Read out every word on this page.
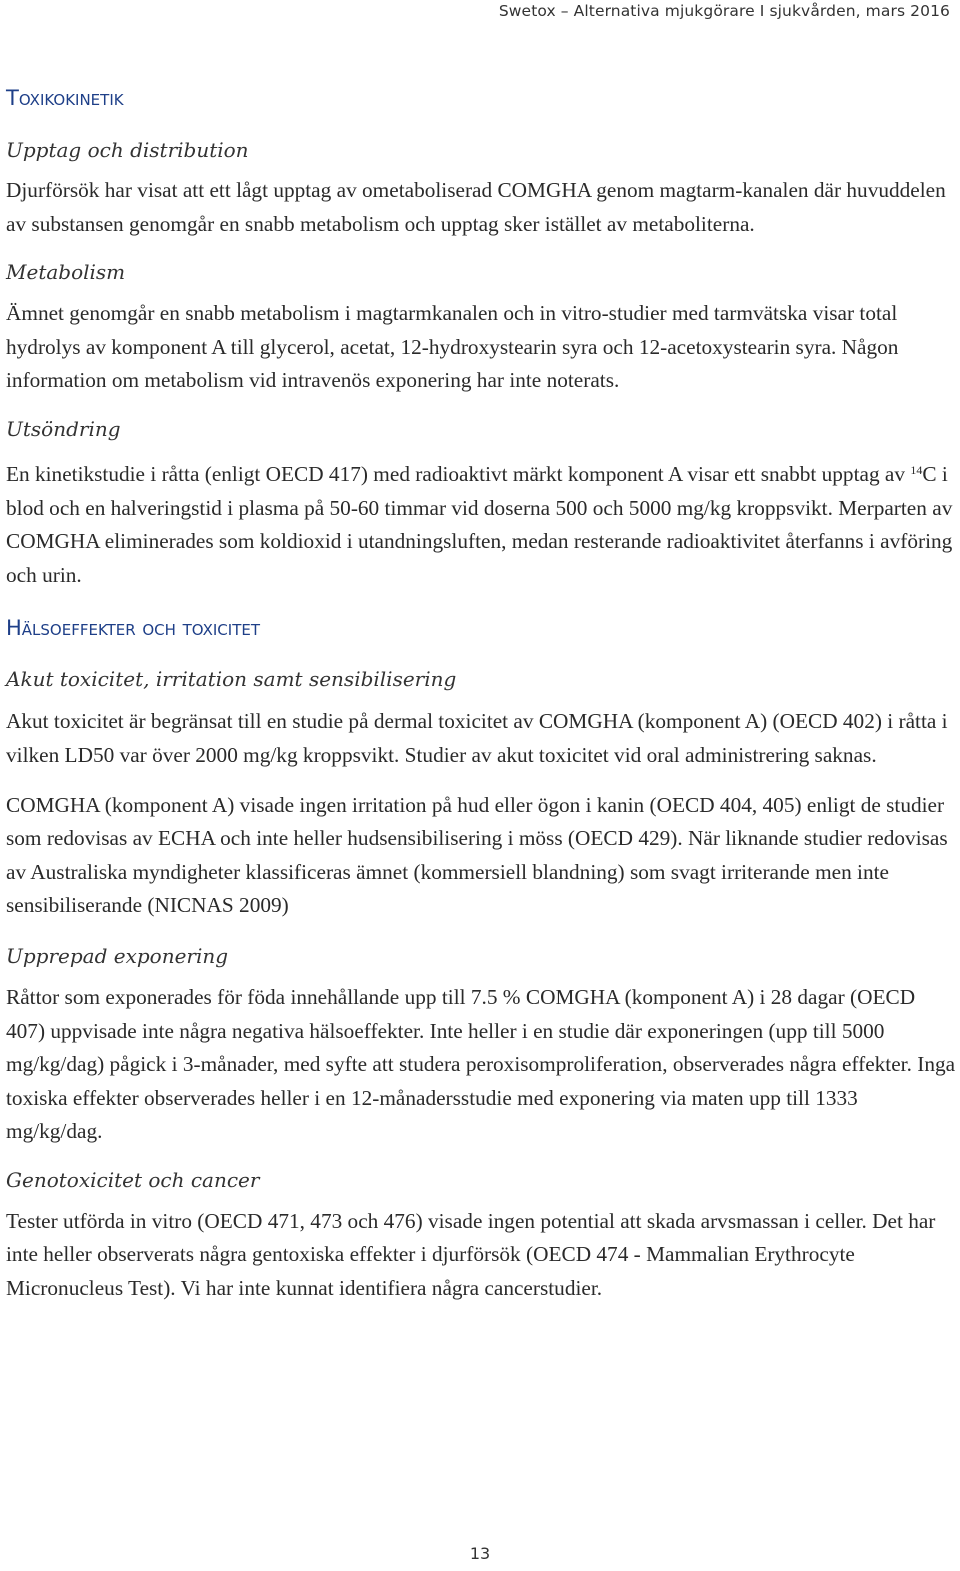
Swetox – Alternativa mjukgörare I sjukvården, mars 2016
Toxikokinetik
Upptag och distribution

Djurförsök har visat att ett lågt upptag av ometaboliserad COMGHA genom magtarm-kanalen där huvuddelen av substansen genomgår en snabb metabolism och upptag sker istället av metaboliterna.

Metabolism

Ämnet genomgår en snabb metabolism i magtarmkanalen och in vitro-studier med tarmvätska visar total hydrolys av komponent A till glycerol, acetat, 12-hydroxystearin syra och 12-acetoxystearin syra. Någon information om metabolism vid intravenös exponering har inte noterats.

Utsöndring

En kinetikstudie i råtta (enligt OECD 417) med radioaktivt märkt komponent A visar ett snabbt upptag av $^{14}$C i blod och en halveringstid i plasma på 50-60 timmar vid doserna 500 och 5000 mg/kg kroppsvikt. Merparten av COMGHA eliminerades som koldioxid i utandningsluften, medan resterande radioaktivitet återfanns i avföring och urin.

Hälsoeffekter och toxicitet
Akut toxicitet, irritation samt sensibilisering

Akut toxicitet är begränsat till en studie på dermal toxicitet av COMGHA (komponent A) (OECD 402) i råtta i vilken LD50 var över 2000 mg/kg kroppsvikt. Studier av akut toxicitet vid oral administrering saknas.

COMGHA (komponent A) visade ingen irritation på hud eller ögon i kanin (OECD 404, 405) enligt de studier som redovisas av ECHA och inte heller hudsensibilisering i möss (OECD 429). När liknande studier redovisas av Australiska myndigheter klassificeras ämnet (kommersiell blandning) som svagt irriterande men inte sensibiliserande (NICNAS 2009)

Upprepad exponering

Råttor som exponerades för föda innehållande upp till 7.5 % COMGHA (komponent A) i 28 dagar (OECD 407) uppvisade inte några negativa hälsoeffekter. Inte heller i en studie där exponeringen (upp till 5000 mg/kg/dag) pågick i 3-månader, med syfte att studera peroxisomproliferation, observerades några effekter. Inga toxiska effekter observerades heller i en 12-månadersstudie med exponering via maten upp till 1333 mg/kg/dag.

Genotoxicitet och cancer

Tester utförda in vitro (OECD 471, 473 och 476) visade ingen potential att skada arvsmassan i celler. Det har inte heller observerats några gentoxiska effekter i djurförsök (OECD 474 - Mammalian Erythrocyte Micronucleus Test). Vi har inte kunnat identifiera några cancerstudier.

13
